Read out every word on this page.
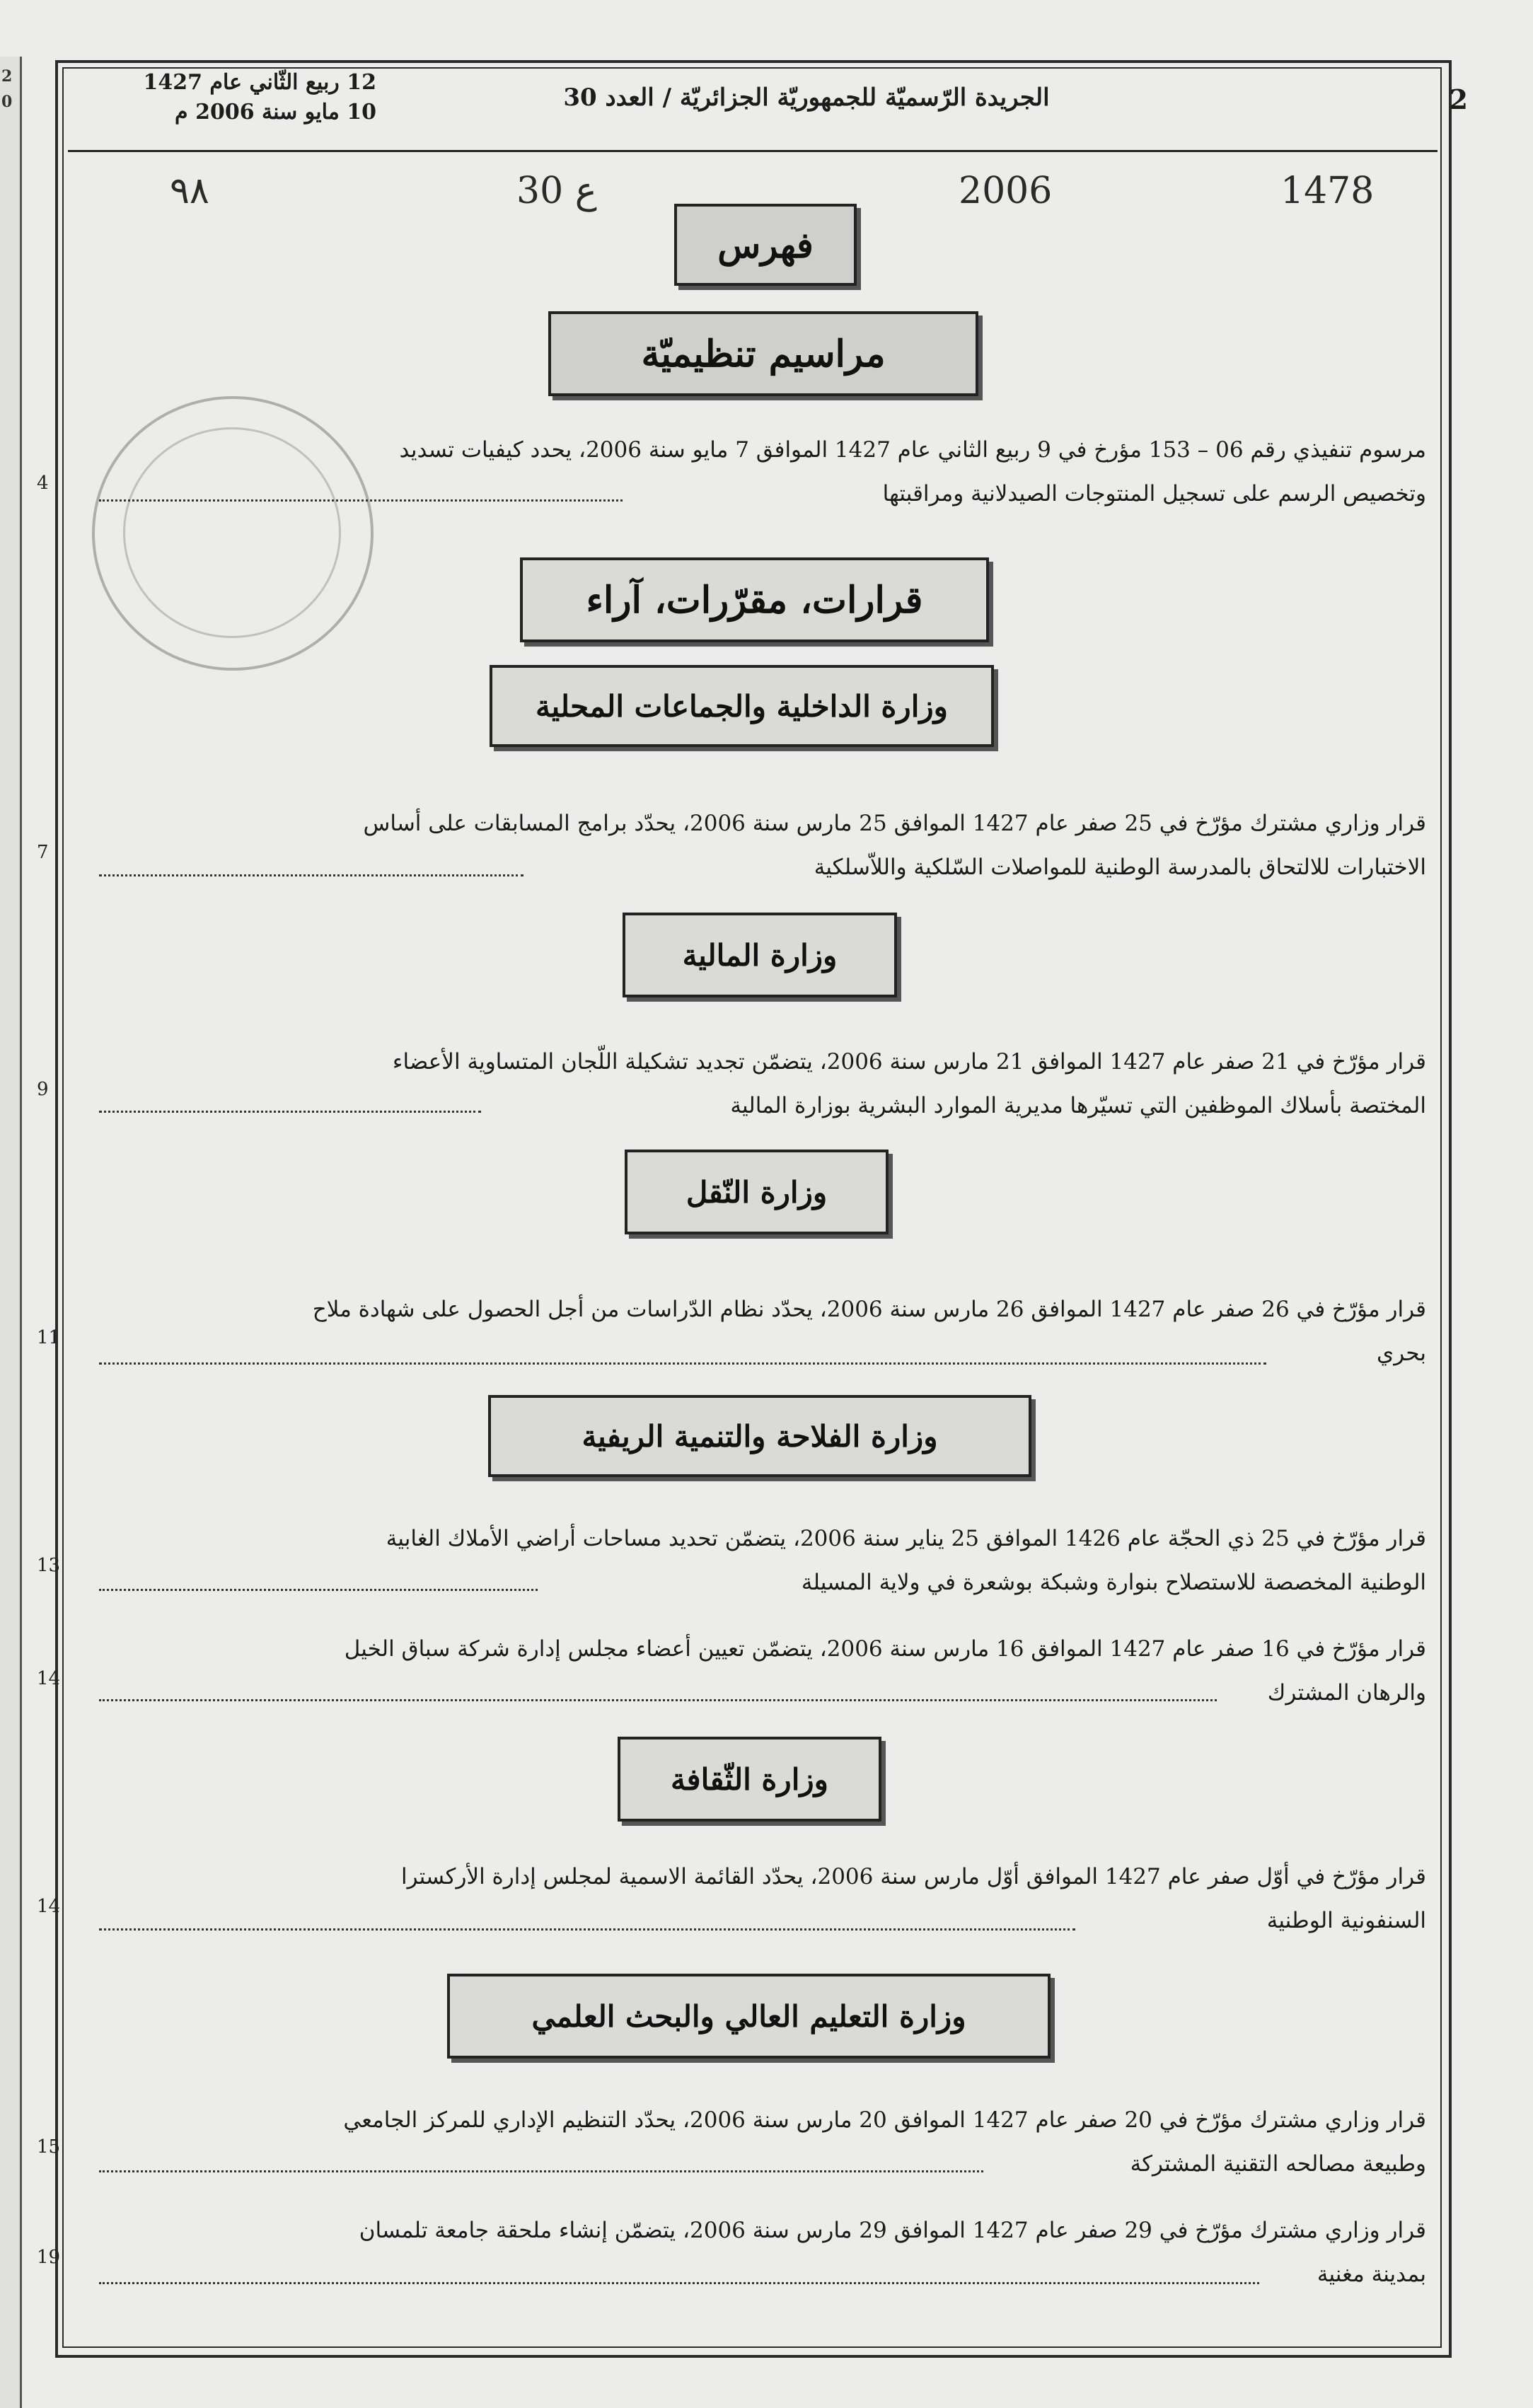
2
0
	2
الجريدة الرّسميّة للجمهوريّة الجزائريّة / العدد 30
12 ربيع الثّاني عام 1427
10 مايو سنة 2006 م
٩٨	30 ع	2006	1478
فهرس
مراسيم تنظيميّة
مرسوم تنفيذي رقم 06 – 153 مؤرخ في 9 ربيع الثاني عام 1427 الموافق 7 مايو سنة 2006، يحدد كيفيات تسديد
وتخصيص الرسم على تسجيل المنتوجات الصيدلانية ومراقبتها
4
قرارات، مقرّرات، آراء
وزارة الداخلية والجماعات المحلية
قرار وزاري مشترك مؤرّخ في 25 صفر عام 1427 الموافق 25 مارس سنة 2006، يحدّد برامج المسابقات على أساس
الاختبارات للالتحاق بالمدرسة الوطنية للمواصلات السّلكية واللاّسلكية
7
وزارة المالية
قرار مؤرّخ في 21 صفر عام 1427 الموافق 21 مارس سنة 2006، يتضمّن تجديد تشكيلة اللّجان المتساوية الأعضاء
المختصة بأسلاك الموظفين التي تسيّرها مديرية الموارد البشرية بوزارة المالية
9
وزارة النّقل
قرار مؤرّخ في 26 صفر عام 1427 الموافق 26 مارس سنة 2006، يحدّد نظام الدّراسات من أجل الحصول على شهادة ملاح
بحري
11
وزارة الفلاحة والتنمية الريفية
قرار مؤرّخ في 25 ذي الحجّة عام 1426 الموافق 25 يناير سنة 2006، يتضمّن تحديد مساحات أراضي الأملاك الغابية
الوطنية المخصصة للاستصلاح بنوارة وشبكة بوشعرة في ولاية المسيلة
13
قرار مؤرّخ في 16 صفر عام 1427 الموافق 16 مارس سنة 2006، يتضمّن تعيين أعضاء مجلس إدارة شركة سباق الخيل
والرهان المشترك
14
وزارة الثّقافة
قرار مؤرّخ في أوّل صفر عام 1427 الموافق أوّل مارس سنة 2006، يحدّد القائمة الاسمية لمجلس إدارة الأركسترا
السنفونية الوطنية
14
وزارة التعليم العالي والبحث العلمي
قرار وزاري مشترك مؤرّخ في 20 صفر عام 1427 الموافق 20 مارس سنة 2006، يحدّد التنظيم الإداري للمركز الجامعي
وطبيعة مصالحه التقنية المشتركة
15
قرار وزاري مشترك مؤرّخ في 29 صفر عام 1427 الموافق 29 مارس سنة 2006، يتضمّن إنشاء ملحقة جامعة تلمسان
بمدينة مغنية
19
